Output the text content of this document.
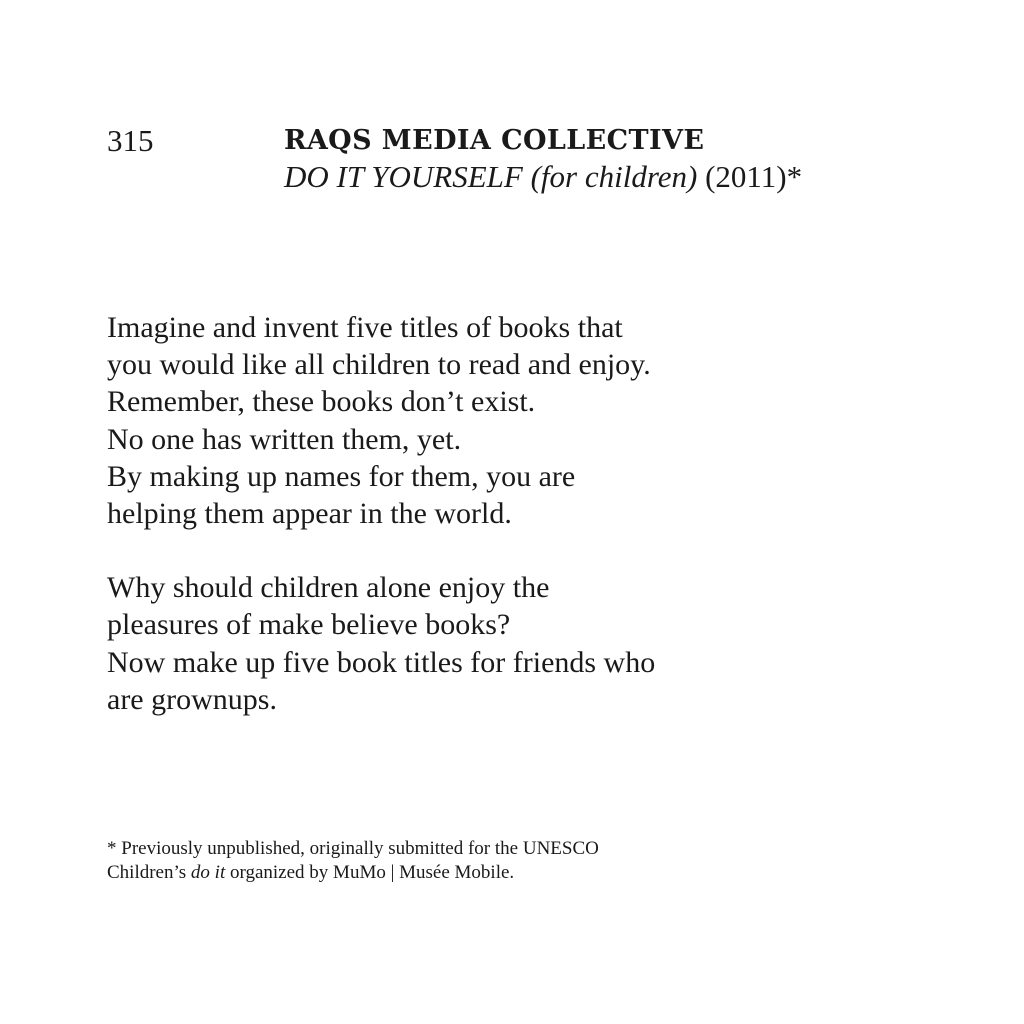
315	RAQS MEDIA COLLECTIVE
DO IT YOURSELF (for children) (2011)*

Imagine and invent five titles of books that
you would like all children to read and enjoy.
Remember, these books don’t exist.
No one has written them, yet.
By making up names for them, you are
helping them appear in the world.

Why should children alone enjoy the
pleasures of make believe books?
Now make up five book titles for friends who
are grownups.

* Previously unpublished, originally submitted for the UNESCO
Children’s do it organized by MuMo | Musée Mobile.
